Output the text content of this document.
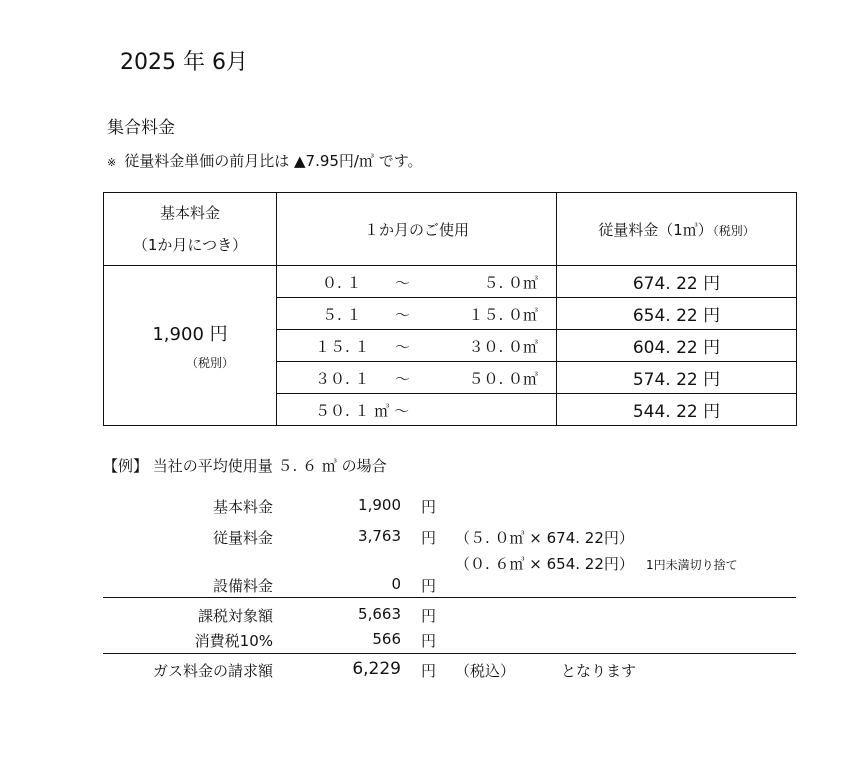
2025 年 6月
集合料金
※ 従量料金単価の前月比は ▲7.95円/㎥ です。
基本料金
（1か月につき）	１か月のご使用	従量料金（1㎥）（税別）

1,900 円
（税別）	０. １ ～ ５. ０㎥	674. 22 円

	５. １ ～ １５. ０㎥	654. 22 円

	１５. １ ～ ３０. ０㎥	604. 22 円

	３０. １ ～ ５０. ０㎥	574. 22 円

	５０. １ ㎥ ～	544. 22 円
【例】 当社の平均使用量 ５. ６ ㎥ の場合
基本料金	1,900 円
従量料金	3,763 円	（５. ０㎥ × 674. 22円）
（０. ６㎥ × 654. 22円） 1円未満切り捨て
設備料金	0 円
課税対象額	5,663 円
消費税10%	566 円
ガス料金の請求額	6,229 円	（税込）	となります
